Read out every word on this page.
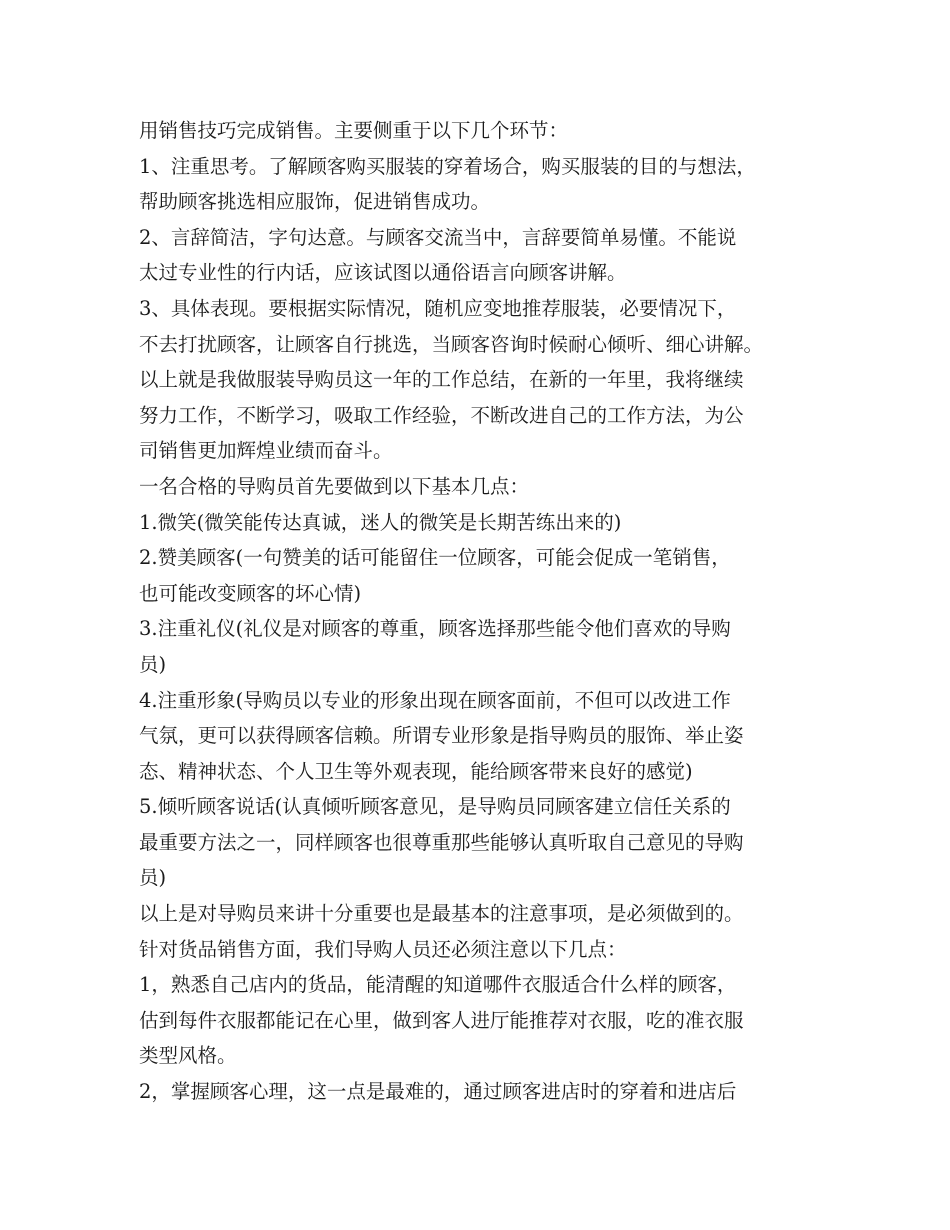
用销售技巧完成销售。主要侧重于以下几个环节：
1、注重思考。了解顾客购买服装的穿着场合，购买服装的目的与想法，
帮助顾客挑选相应服饰，促进销售成功。
2、言辞简洁，字句达意。与顾客交流当中，言辞要简单易懂。不能说
太过专业性的行内话，应该试图以通俗语言向顾客讲解。
3、具体表现。要根据实际情况，随机应变地推荐服装，必要情况下，
不去打扰顾客，让顾客自行挑选，当顾客咨询时候耐心倾听、细心讲解。
以上就是我做服装导购员这一年的工作总结，在新的一年里，我将继续
努力工作，不断学习，吸取工作经验，不断改进自己的工作方法，为公
司销售更加辉煌业绩而奋斗。
一名合格的导购员首先要做到以下基本几点：
1.微笑(微笑能传达真诚，迷人的微笑是长期苦练出来的)
2.赞美顾客(一句赞美的话可能留住一位顾客，可能会促成一笔销售，
也可能改变顾客的坏心情)
3.注重礼仪(礼仪是对顾客的尊重，顾客选择那些能令他们喜欢的导购
员)
4.注重形象(导购员以专业的形象出现在顾客面前，不但可以改进工作
气氛，更可以获得顾客信赖。所谓专业形象是指导购员的服饰、举止姿
态、精神状态、个人卫生等外观表现，能给顾客带来良好的感觉)
5.倾听顾客说话(认真倾听顾客意见，是导购员同顾客建立信任关系的
最重要方法之一，同样顾客也很尊重那些能够认真听取自己意见的导购
员)
以上是对导购员来讲十分重要也是最基本的注意事项，是必须做到的。
针对货品销售方面，我们导购人员还必须注意以下几点：
1，熟悉自己店内的货品，能清醒的知道哪件衣服适合什么样的顾客，
估到每件衣服都能记在心里，做到客人进厅能推荐对衣服，吃的准衣服
类型风格。
2，掌握顾客心理，这一点是最难的，通过顾客进店时的穿着和进店后
